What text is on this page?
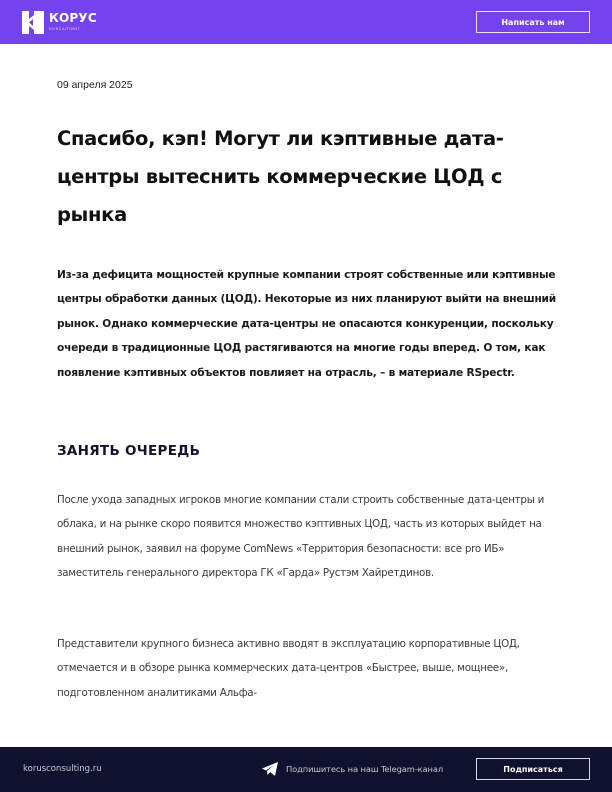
КОРУС
КОНСАЛТИНГ
Написать нам
09 апреля 2025
Спасибо, кэп! Могут ли кэптивные дата-центры вытеснить коммерческие ЦОД с рынка

Из-за дефицита мощностей крупные компании строят собственные или кэптивные центры обработки данных (ЦОД). Некоторые из них планируют выйти на внешний рынок. Однако коммерческие дата-центры не опасаются конкуренции, поскольку очереди в традиционные ЦОД растягиваются на многие годы вперед. О том, как появление кэптивных объектов повлияет на отрасль, – в материале RSpectr.

ЗАНЯТЬ ОЧЕРЕДЬ

После ухода западных игроков многие компании стали строить собственные дата-центры и облака, и на рынке скоро появится множество кэптивных ЦОД, часть из которых выйдет на внешний рынок, заявил на форуме ComNews «Территория безопасности: все pro ИБ» заместитель генерального директора ГК «Гарда» Рустэм Хайретдинов.

Представители крупного бизнеса активно вводят в эксплуатацию корпоративные ЦОД, отмечается и в обзоре рынка коммерческих дата-центров «Быстрее, выше, мощнее», подготовленном аналитиками Альфа-

korusconsulting.ru	Подпишитесь на наш Telegam-канал	Подписаться
